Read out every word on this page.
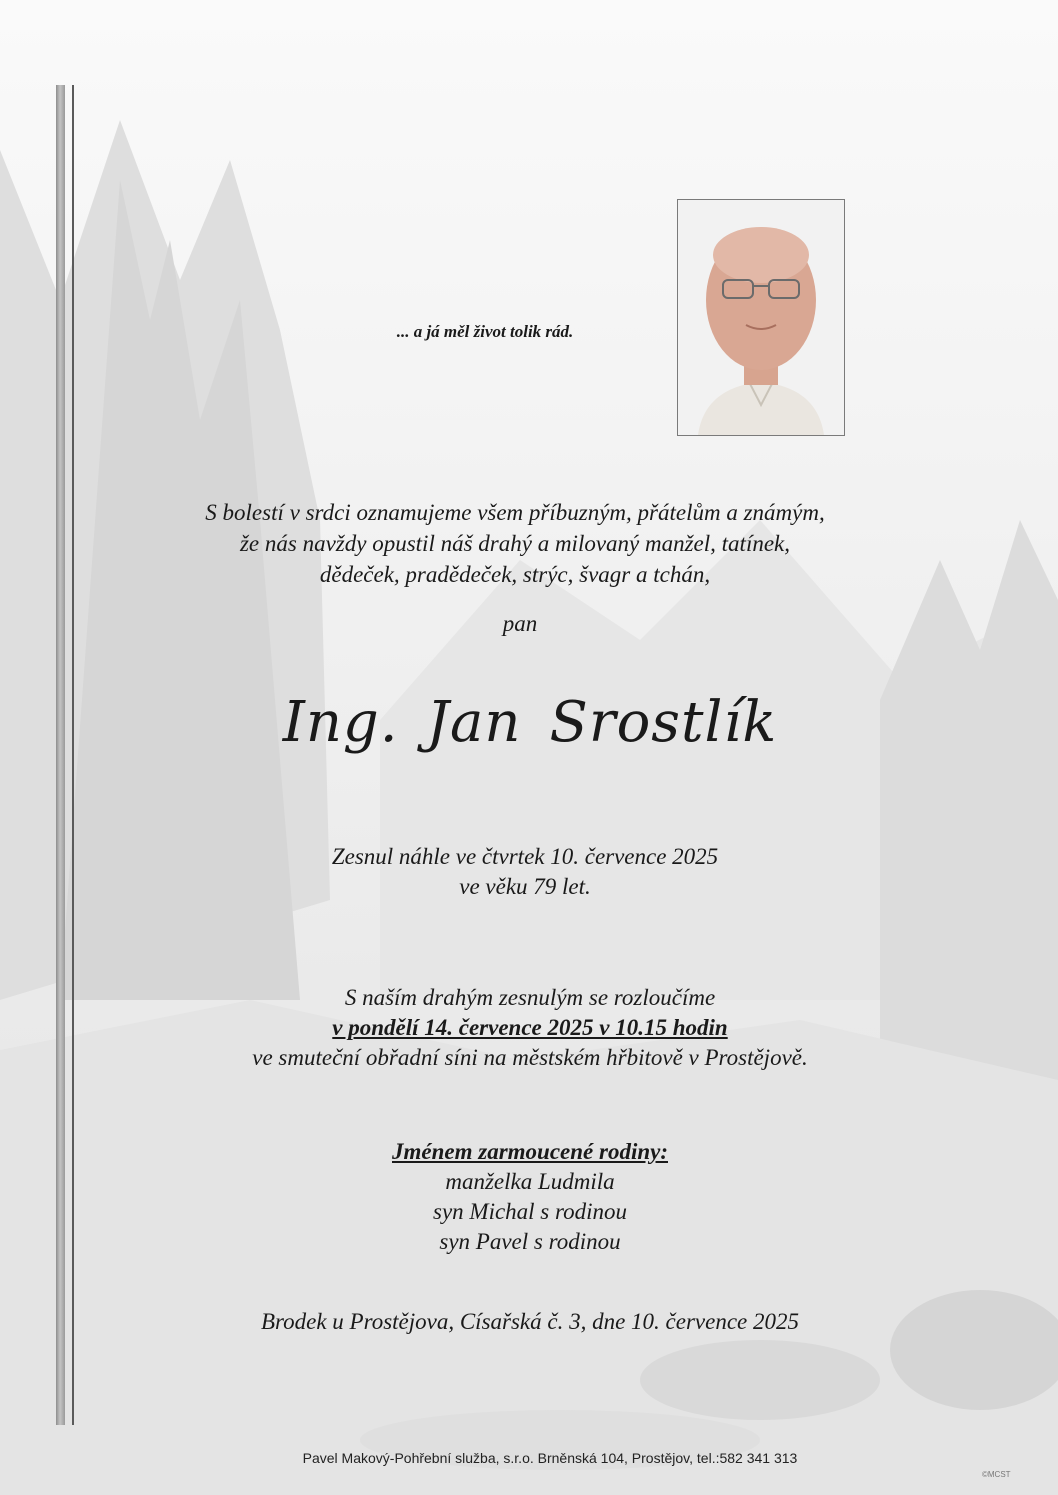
... a já měl život tolik rád.
S bolestí v srdci oznamujeme všem příbuzným, přátelům a známým,
že nás navždy opustil náš drahý a milovaný manžel, tatínek,
dědeček, pradědeček, strýc, švagr a tchán,
pan
Ing. Jan Srostlík
Zesnul náhle ve čtvrtek 10. července 2025
ve věku 79 let.
S naším drahým zesnulým se rozloučíme
v pondělí 14. července 2025 v 10.15 hodin
ve smuteční obřadní síni na městském hřbitově v Prostějově.
Jménem zarmoucené rodiny:
manželka Ludmila
syn Michal s rodinou
syn Pavel s rodinou
Brodek u Prostějova, Císařská č. 3, dne 10. července 2025
Pavel Makový-Pohřební služba, s.r.o. Brněnská 104, Prostějov, tel.:582 341 313
©MCST
